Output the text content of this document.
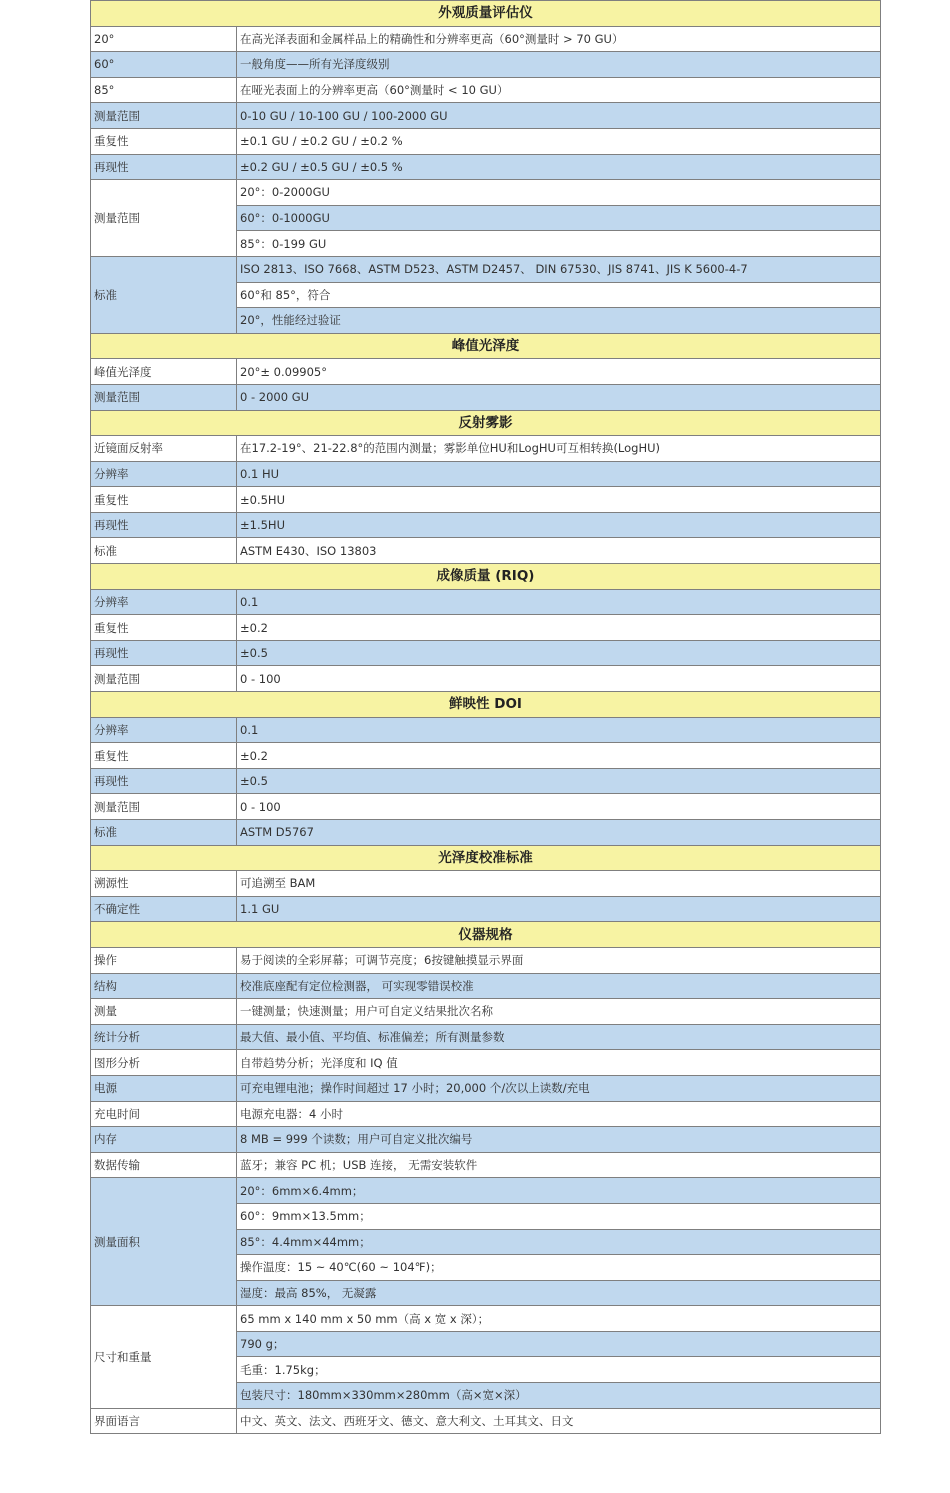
外观质量评估仪	
20°	在高光泽表面和金属样品上的精确性和分辨率更高（60°测量时 > 70 GU）
60°	一般角度——所有光泽度级别
85°	在哑光表面上的分辨率更高（60°测量时 < 10 GU）
测量范围	0-10 GU / 10-100 GU / 100-2000 GU
重复性	±0.1 GU / ±0.2 GU / ±0.2 %
再现性	±0.2 GU / ±0.5 GU / ±0.5 %
测量范围	20°：0-2000GU
	60°：0-1000GU
	85°：0-199 GU
标准	ISO 2813、ISO 7668、ASTM D523、ASTM D2457、 DIN 67530、JIS 8741、JIS K 5600-4-7
	60°和 85°，符合
	20°，性能经过验证
峰值光泽度	
峰值光泽度	20°± 0.09905°
测量范围	0 - 2000 GU
反射雾影	
近镜面反射率	在17.2-19°、21-22.8°的范围内测量；雾影单位HU和LogHU可互相转换(LogHU)
分辨率	0.1 HU
重复性	±0.5HU
再现性	±1.5HU
标准	ASTM E430、ISO 13803
成像质量 (RIQ)	
分辨率	0.1
重复性	±0.2
再现性	±0.5
测量范围	0 - 100
鲜映性 DOI	
分辨率	0.1
重复性	±0.2
再现性	±0.5
测量范围	0 - 100
标准	ASTM D5767
光泽度校准标准	
溯源性	可追溯至 BAM
不确定性	1.1 GU
仪器规格	
操作	易于阅读的全彩屏幕；可调节亮度；6按键触摸显示界面
结构	校准底座配有定位检测器， 可实现零错误校准
测量	一键测量；快速测量；用户可自定义结果批次名称
统计分析	最大值、最小值、平均值、标准偏差；所有测量参数
图形分析	自带趋势分析；光泽度和 IQ 值
电源	可充电锂电池；操作时间超过 17 小时；20,000 个/次以上读数/充电
充电时间	电源充电器：4 小时
内存	8 MB = 999 个读数；用户可自定义批次编号
数据传输	蓝牙；兼容 PC 机；USB 连接， 无需安装软件
测量面积	20°：6mm×6.4mm；
	60°：9mm×13.5mm；
	85°：4.4mm×44mm；
	操作温度：15 ~ 40℃(60 ~ 104℉)；
	湿度：最高 85%， 无凝露
尺寸和重量	65 mm x 140 mm x 50 mm（高 x 宽 x 深）；
	790 g；
	毛重：1.75kg；
	包装尺寸：180mm×330mm×280mm（高×宽×深）
界面语言	中文、英文、法文、西班牙文、德文、意大利文、土耳其文、日文
